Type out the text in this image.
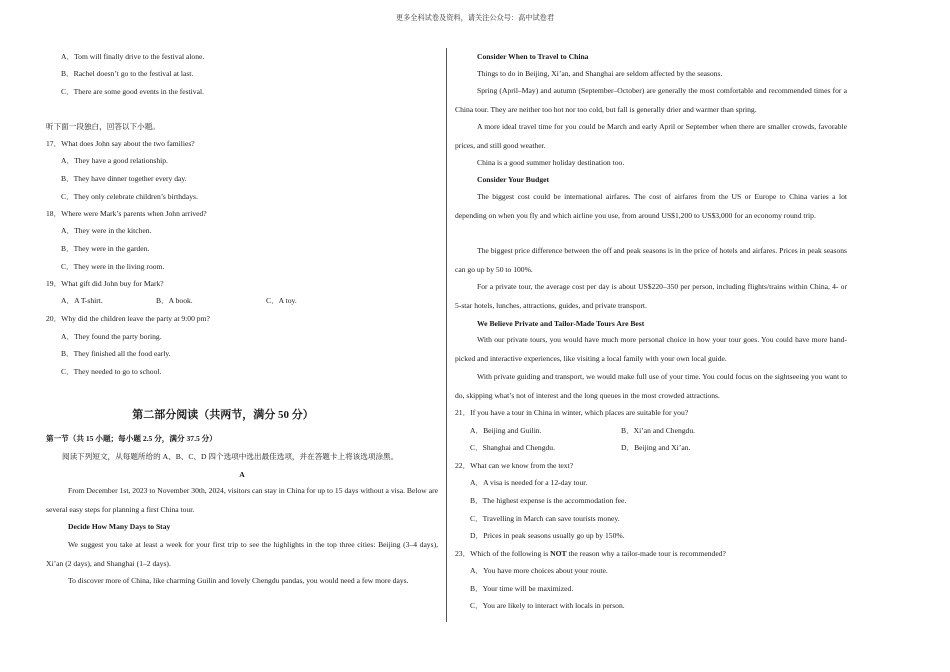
更多全科试卷及资料，请关注公众号：高中试卷君
A．Tom will finally drive to the festival alone.
B．Rachel doesn’t go to the festival at last.
C．There are some good events in the festival.
听下面一段独白，回答以下小题。
17．What does John say about the two families?
A．They have a good relationship.
B．They have dinner together every day.
C．They only celebrate children’s birthdays.
18．Where were Mark’s parents when John arrived?
A．They were in the kitchen.
B．They were in the garden.
C．They were in the living room.
19．What gift did John buy for Mark?
A．A T-shirt.	B．A book.	C．A toy.
20．Why did the children leave the party at 9:00 pm?
A．They found the party boring.
B．They finished all the food early.
C．They needed to go to school.
第二部分阅读（共两节，满分 50 分）
第一节（共 15 小题；每小题 2.5 分，满分 37.5 分）
阅读下列短文，从每题所给的 A、B、C、D 四个选项中选出最佳选项，并在答题卡上将该选项涂黑。
A
From December 1st, 2023 to November 30th, 2024, visitors can stay in China for up to 15 days without a visa. Below are several easy steps for planning a first China tour.
Decide How Many Days to Stay
We suggest you take at least a week for your first trip to see the highlights in the top three cities: Beijing (3–4 days), Xi’an (2 days), and Shanghai (1–2 days).
To discover more of China, like charming Guilin and lovely Chengdu pandas, you would need a few more days.
Consider When to Travel to China
Things to do in Beijing, Xi’an, and Shanghai are seldom affected by the seasons.
Spring (April–May) and autumn (September–October) are generally the most comfortable and recommended times for a China tour. They are neither too hot nor too cold, but fall is generally drier and warmer than spring.
A more ideal travel time for you could be March and early April or September when there are smaller crowds, favorable prices, and still good weather.
China is a good summer holiday destination too.
Consider Your Budget
The biggest cost could be international airfares. The cost of airfares from the US or Europe to China varies a lot depending on when you fly and which airline you use, from around US$1,200 to US$3,000 for an economy round trip.
The biggest price difference between the off and peak seasons is in the price of hotels and airfares. Prices in peak seasons can go up by 50 to 100%.
For a private tour, the average cost per day is about US$220–350 per person, including flights/trains within China, 4- or 5-star hotels, lunches, attractions, guides, and private transport.
We Believe Private and Tailor-Made Tours Are Best
With our private tours, you would have much more personal choice in how your tour goes. You could have more hand-picked and interactive experiences, like visiting a local family with your own local guide.
With private guiding and transport, we would make full use of your time. You could focus on the sightseeing you want to do, skipping what’s not of interest and the long queues in the most crowded attractions.
21．If you have a tour in China in winter, which places are suitable for you?
A．Beijing and Guilin.	B．Xi’an and Chengdu.
C．Shanghai and Chengdu.	D．Beijing and Xi’an.
22．What can we know from the text?
A．A visa is needed for a 12-day tour.
B．The highest expense is the accommodation fee.
C．Travelling in March can save tourists money.
D．Prices in peak seasons usually go up by 150%.
23．Which of the following is NOT the reason why a tailor-made tour is recommended?
A．You have more choices about your route.
B．Your time will be maximized.
C．You are likely to interact with locals in person.
